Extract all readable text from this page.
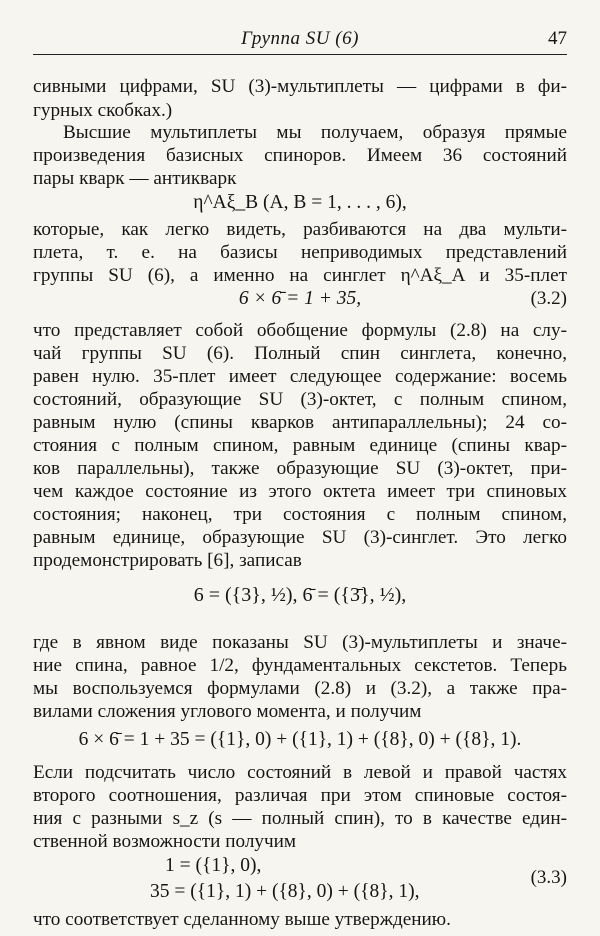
Группа SU (6)	47
сивными цифрами, SU (3)-мультиплеты — цифрами в фи-
гурных скобках.)
Высшие мультиплеты мы получаем, образуя прямые
произведения базисных спиноров. Имеем 36 состояний
пары кварк — антикварк
η^Aξ_B (A, B = 1, . . . , 6),
которые, как легко видеть, разбиваются на два мульти-
плета, т. е. на базисы неприводимых представлений
группы SU (6), а именно на синглет η^Aξ_A и 35-плет
6 × 6̄ = 1 + 35,	(3.2)
что представляет собой обобщение формулы (2.8) на слу-
чай группы SU (6). Полный спин синглета, конечно,
равен нулю. 35-плет имеет следующее содержание: восемь
состояний, образующие SU (3)-октет, с полным спином,
равным нулю (спины кварков антипараллельны); 24 со-
стояния с полным спином, равным единице (спины квар-
ков параллельны), также образующие SU (3)-октет, при-
чем каждое состояние из этого октета имеет три спиновых
состояния; наконец, три состояния с полным спином,
равным единице, образующие SU (3)-синглет. Это легко
продемонстрировать [6], записав
6 = ({3}, ½), 6̄ = ({3̄}, ½),
где в явном виде показаны SU (3)-мультиплеты и значе-
ние спина, равное 1/2, фундаментальных секстетов. Теперь
мы воспользуемся формулами (2.8) и (3.2), а также пра-
вилами сложения углового момента, и получим
6 × 6̄ = 1 + 35 = ({1}, 0) + ({1}, 1) + ({8}, 0) + ({8}, 1).
Если подсчитать число состояний в левой и правой частях
второго соотношения, различая при этом спиновые состоя-
ния с разными s_z (s — полный спин), то в качестве един-
ственной возможности получим
1 = ({1}, 0),
35 = ({1}, 1) + ({8}, 0) + ({8}, 1),
(3.3)
что соответствует сделанному выше утверждению.
